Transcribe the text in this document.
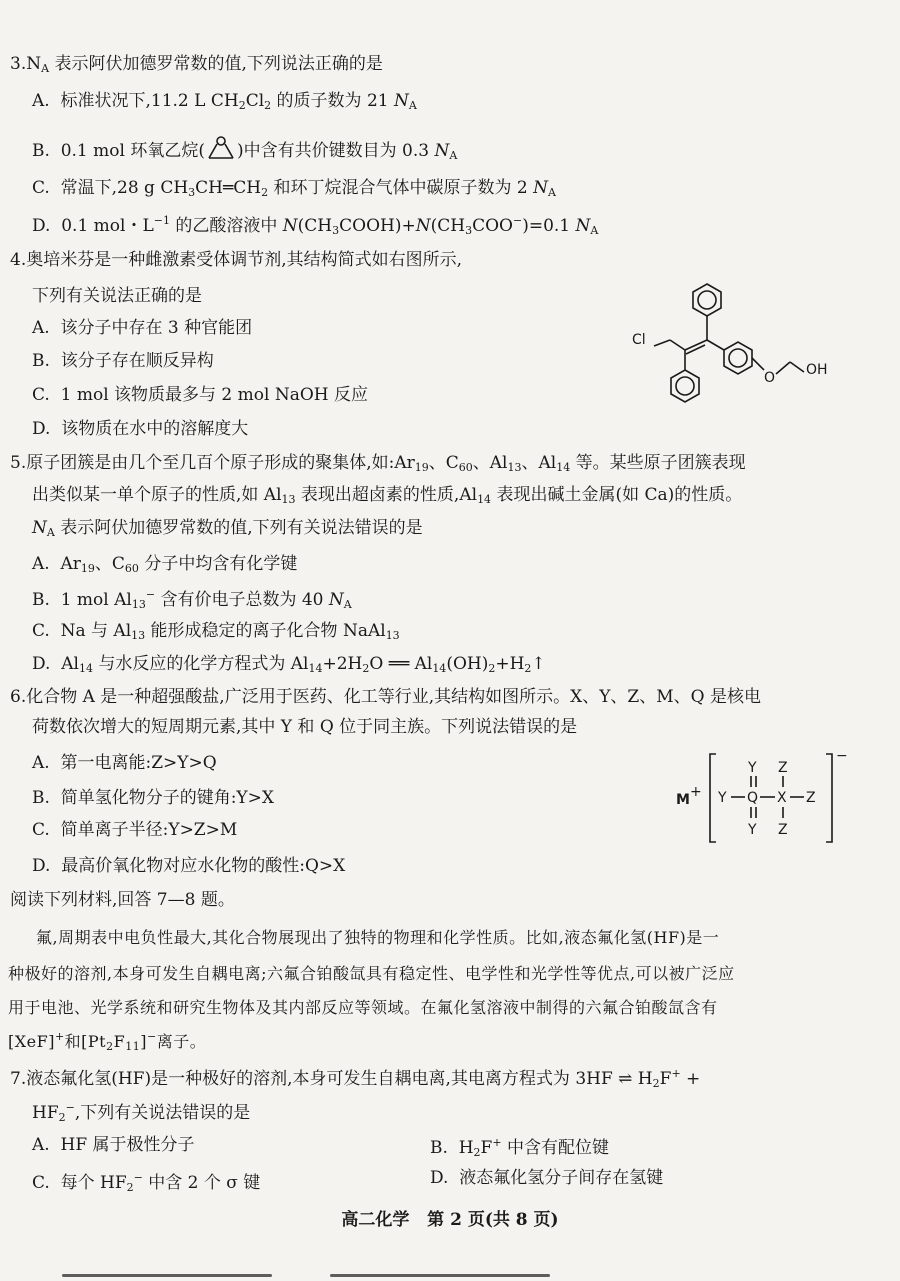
$3.N_A$ 表示阿伏加德罗常数的值,下列说法正确的是
A.  标准状况下,11.2 L $CH_2Cl_2$ 的质子数为 21 $N_A$
B.  0.1 mol 环氧乙烷( )中含有共价键数目为 0.3 $N_A$
C.  常温下,28 g $CH_3CH═CH_2$ 和环丁烷混合气体中碳原子数为 2 $N_A$
D.  0.1 mol・$L^{-1}$ 的乙酸溶液中 $N(CH_3COOH)+N(CH_3COO^-)=0.1$ $N_A$
4.奥培米芬是一种雌激素受体调节剂,其结构简式如右图所示,
下列有关说法正确的是
A.  该分子中存在 3 种官能团
B.  该分子存在顺反异构
C.  1 mol 该物质最多与 2 mol NaOH 反应
D.  该物质在水中的溶解度大
Cl
O OH
5.原子团簇是由几个至几百个原子形成的聚集体,如$:Ar_{19}$、$C_{60}$、$Al_{13}$、$Al_{14}$ 等。某些原子团簇表现
出类似某一单个原子的性质,如 $Al_{13}$ 表现出超卤素的性质$,Al_{14}$ 表现出碱土金属(如 Ca)的性质。
$N_A$ 表示阿伏加德罗常数的值,下列有关说法错误的是
A.  $Ar_{19}$、$C_{60}$ 分子中均含有化学键
B.  1 mol $Al_{13}^-$ 含有价电子总数为 40 $N_A$
C.  Na 与 $Al_{13}$ 能形成稳定的离子化合物 NaAl$_{13}$
D.  $Al_{14}$ 与水反应的化学方程式为 $Al_{14}+2H_2O$ ══ $Al_{14}(OH)_2+H_2↑$
6.化合物 A 是一种超强酸盐,广泛用于医药、化工等行业,其结构如图所示。X、Y、Z、M、Q 是核电
荷数依次增大的短周期元素,其中 Y 和 Q 位于同主族。下列说法错误的是
A.  第一电离能:Z>Y>Q
B.  简单氢化物分子的键角:Y>X
C.  简单离子半径:Y>Z>M
D.  最高价氧化物对应水化物的酸性:Q>X
M +
−
Y Q X Z
Y
Y
Z
Z
阅读下列材料,回答 7—8 题。
氟,周期表中电负性最大,其化合物展现出了独特的物理和化学性质。比如,液态氟化氢(HF)是一
种极好的溶剂,本身可发生自耦电离;六氟合铂酸氙具有稳定性、电学性和光学性等优点,可以被广泛应
用于电池、光学系统和研究生物体及其内部反应等领域。在氟化氢溶液中制得的六氟合铂酸氙含有
[XeF]+和$[Pt_2F_{11}]^-$离子。
7.液态氟化氢(HF)是一种极好的溶剂,本身可发生自耦电离,其电离方程式为 3HF ⇌ $H_2F^+$ +
$HF_2^-$,下列有关说法错误的是
A.  HF 属于极性分子	B.  $H_2F^+$ 中含有配位键
C.  每个 $HF_2^-$ 中含 2 个 σ 键	D.  液态氟化氢分子间存在氢键
高二化学   第 2 页(共 8 页)
